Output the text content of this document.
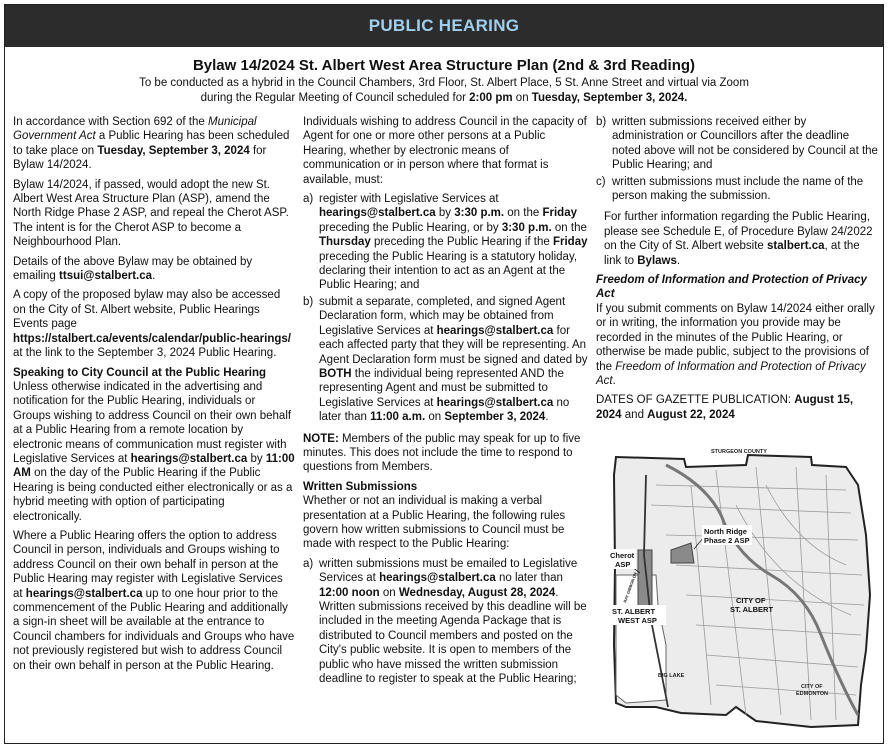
PUBLIC HEARING
Bylaw 14/2024 St. Albert West Area Structure Plan (2nd & 3rd Reading)
To be conducted as a hybrid in the Council Chambers, 3rd Floor, St. Albert Place, 5 St. Anne Street and virtual via Zoom
during the Regular Meeting of Council scheduled for 2:00 pm on Tuesday, September 3, 2024.

In accordance with Section 692 of the Municipal Government Act a Public Hearing has been scheduled to take place on Tuesday, September 3, 2024 for Bylaw 14/2024.

Bylaw 14/2024, if passed, would adopt the new St. Albert West Area Structure Plan (ASP), amend the North Ridge Phase 2 ASP, and repeal the Cherot ASP. The intent is for the Cherot ASP to become a Neighbourhood Plan.

Details of the above Bylaw may be obtained by emailing ttsui@stalbert.ca.

A copy of the proposed bylaw may also be accessed on the City of St. Albert website, Public Hearings Events page https://stalbert.ca/events/calendar/public-hearings/ at the link to the September 3, 2024 Public Hearing.

Speaking to City Council at the Public Hearing

Unless otherwise indicated in the advertising and notification for the Public Hearing, individuals or Groups wishing to address Council on their own behalf at a Public Hearing from a remote location by electronic means of communication must register with Legislative Services at hearings@stalbert.ca by 11:00 AM on the day of the Public Hearing if the Public Hearing is being conducted either electronically or as a hybrid meeting with option of participating electronically.

Where a Public Hearing offers the option to address Council in person, individuals and Groups wishing to address Council on their own behalf in person at the Public Hearing may register with Legislative Services at hearings@stalbert.ca up to one hour prior to the commencement of the Public Hearing and additionally a sign-in sheet will be available at the entrance to Council chambers for individuals and Groups who have not previously registered but wish to address Council on their own behalf in person at the Public Hearing.

Individuals wishing to address Council in the capacity of Agent for one or more other persons at a Public Hearing, whether by electronic means of communication or in person where that format is available, must:

a) register with Legislative Services at hearings@stalbert.ca by 3:30 p.m. on the Friday preceding the Public Hearing, or by 3:30 p.m. on the Thursday preceding the Public Hearing if the Friday preceding the Public Hearing is a statutory holiday, declaring their intention to act as an Agent at the Public Hearing; and
b) submit a separate, completed, and signed Agent Declaration form, which may be obtained from Legislative Services at hearings@stalbert.ca for each affected party that they will be representing. An Agent Declaration form must be signed and dated by BOTH the individual being represented AND the representing Agent and must be submitted to Legislative Services at hearings@stalbert.ca no later than 11:00 a.m. on September 3, 2024.

NOTE: Members of the public may speak for up to five minutes. This does not include the time to respond to questions from Members.

Written Submissions

Whether or not an individual is making a verbal presentation at a Public Hearing, the following rules govern how written submissions to Council must be made with respect to the Public Hearing:

a) written submissions must be emailed to Legislative Services at hearings@stalbert.ca no later than 12:00 noon on Wednesday, August 28, 2024. Written submissions received by this deadline will be included in the meeting Agenda Package that is distributed to Council members and posted on the City's public website. It is open to members of the public who have missed the written submission deadline to register to speak at the Public Hearing;
b) written submissions received either by administration or Councillors after the deadline noted above will not be considered by Council at the Public Hearing; and
c) written submissions must include the name of the person making the submission.

For further information regarding the Public Hearing, please see Schedule E, of Procedure Bylaw 24/2022 on the City of St. Albert website stalbert.ca, at the link to Bylaws.

Freedom of Information and Protection of Privacy Act

If you submit comments on Bylaw 14/2024 either orally or in writing, the information you provide may be recorded in the minutes of the Public Hearing, or otherwise be made public, subject to the provisions of the Freedom of Information and Protection of Privacy Act.

DATES OF GAZETTE PUBLICATION: August 15, 2024 and August 22, 2024

STURGEON COUNTY
North Ridge
Phase 2 ASP
Cherot
ASP
CITY OF
ST. ALBERT
ST. ALBERT
WEST ASP
BIG LAKE
CITY OF
EDMONTON
RAY GIBBON DR
